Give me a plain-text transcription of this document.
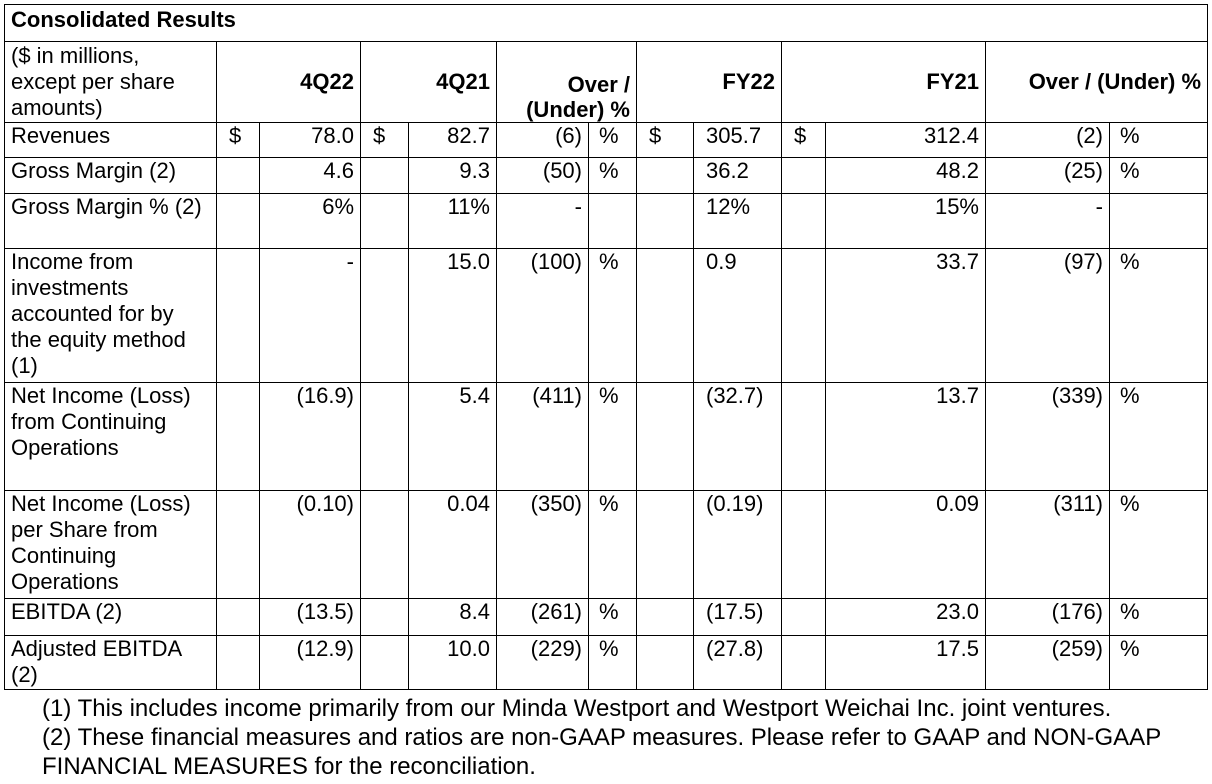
Consolidated Results												
($ in millions, except per share amounts)	4Q22		4Q21		Over / (Under) %		FY22		FY21		Over / (Under) %	
Revenues	$	78.0	$	82.7	(6)	%	$	305.7	$	312.4	(2)	%
Gross Margin (2)		4.6		9.3	(50)	%		36.2		48.2	(25)	%
Gross Margin % (2)		6%		11%	-			12%		15%	-	
Income from investments accounted for by the equity method (1)		-		15.0	(100)	%		0.9		33.7	(97)	%
Net Income (Loss) from Continuing Operations		(16.9)		5.4	(411)	%		(32.7)		13.7	(339)	%
Net Income (Loss) per Share from Continuing Operations		(0.10)		0.04	(350)	%		(0.19)		0.09	(311)	%
EBITDA (2)		(13.5)		8.4	(261)	%		(17.5)		23.0	(176)	%
Adjusted EBITDA (2)		(12.9)		10.0	(229)	%		(27.8)		17.5	(259)	%

(1) This includes income primarily from our Minda Westport and Westport Weichai Inc. joint ventures.

(2) These financial measures and ratios are non-GAAP measures. Please refer to GAAP and NON-GAAP FINANCIAL MEASURES for the reconciliation.
